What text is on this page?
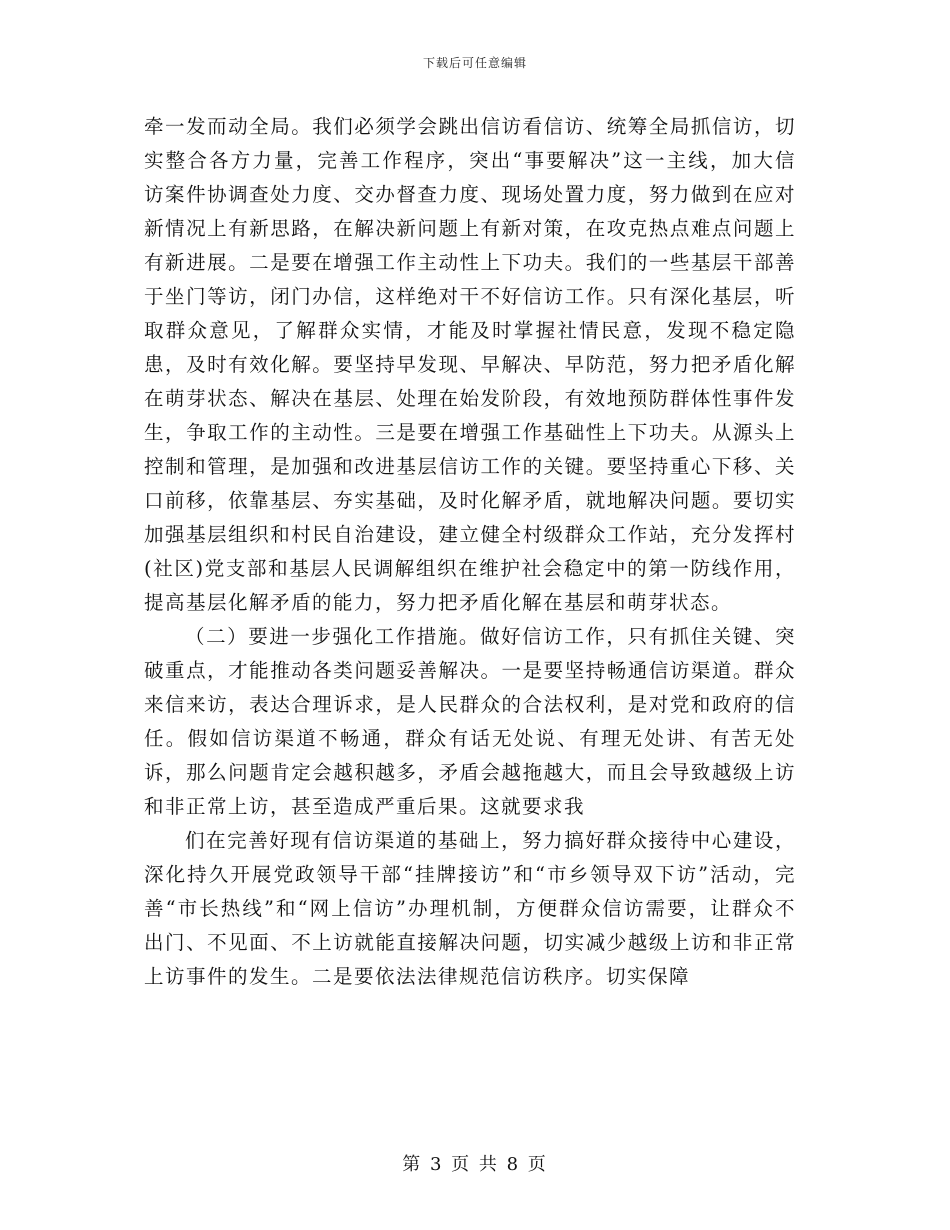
下载后可任意编辑

牵一发而动全局。我们必须学会跳出信访看信访、统筹全局抓信访，切实整合各方力量，完善工作程序，突出“事要解决”这一主线，加大信访案件协调查处力度、交办督查力度、现场处置力度，努力做到在应对新情况上有新思路，在解决新问题上有新对策，在攻克热点难点问题上有新进展。二是要在增强工作主动性上下功夫。我们的一些基层干部善于坐门等访，闭门办信，这样绝对干不好信访工作。只有深化基层，听取群众意见，了解群众实情，才能及时掌握社情民意，发现不稳定隐患，及时有效化解。要坚持早发现、早解决、早防范，努力把矛盾化解在萌芽状态、解决在基层、处理在始发阶段，有效地预防群体性事件发生，争取工作的主动性。三是要在增强工作基础性上下功夫。从源头上控制和管理，是加强和改进基层信访工作的关键。要坚持重心下移、关口前移，依靠基层、夯实基础，及时化解矛盾，就地解决问题。要切实加强基层组织和村民自治建设，建立健全村级群众工作站，充分发挥村(社区)党支部和基层人民调解组织在维护社会稳定中的第一防线作用，提高基层化解矛盾的能力，努力把矛盾化解在基层和萌芽状态。

（二）要进一步强化工作措施。做好信访工作，只有抓住关键、突破重点，才能推动各类问题妥善解决。一是要坚持畅通信访渠道。群众来信来访，表达合理诉求，是人民群众的合法权利，是对党和政府的信任。假如信访渠道不畅通，群众有话无处说、有理无处讲、有苦无处诉，那么问题肯定会越积越多，矛盾会越拖越大，而且会导致越级上访和非正常上访，甚至造成严重后果。这就要求我

们在完善好现有信访渠道的基础上，努力搞好群众接待中心建设，深化持久开展党政领导干部“挂牌接访”和“市乡领导双下访”活动，完善“市长热线”和“网上信访”办理机制，方便群众信访需要，让群众不出门、不见面、不上访就能直接解决问题，切实减少越级上访和非正常上访事件的发生。二是要依法法律规范信访秩序。切实保障

第 3 页 共 8 页
